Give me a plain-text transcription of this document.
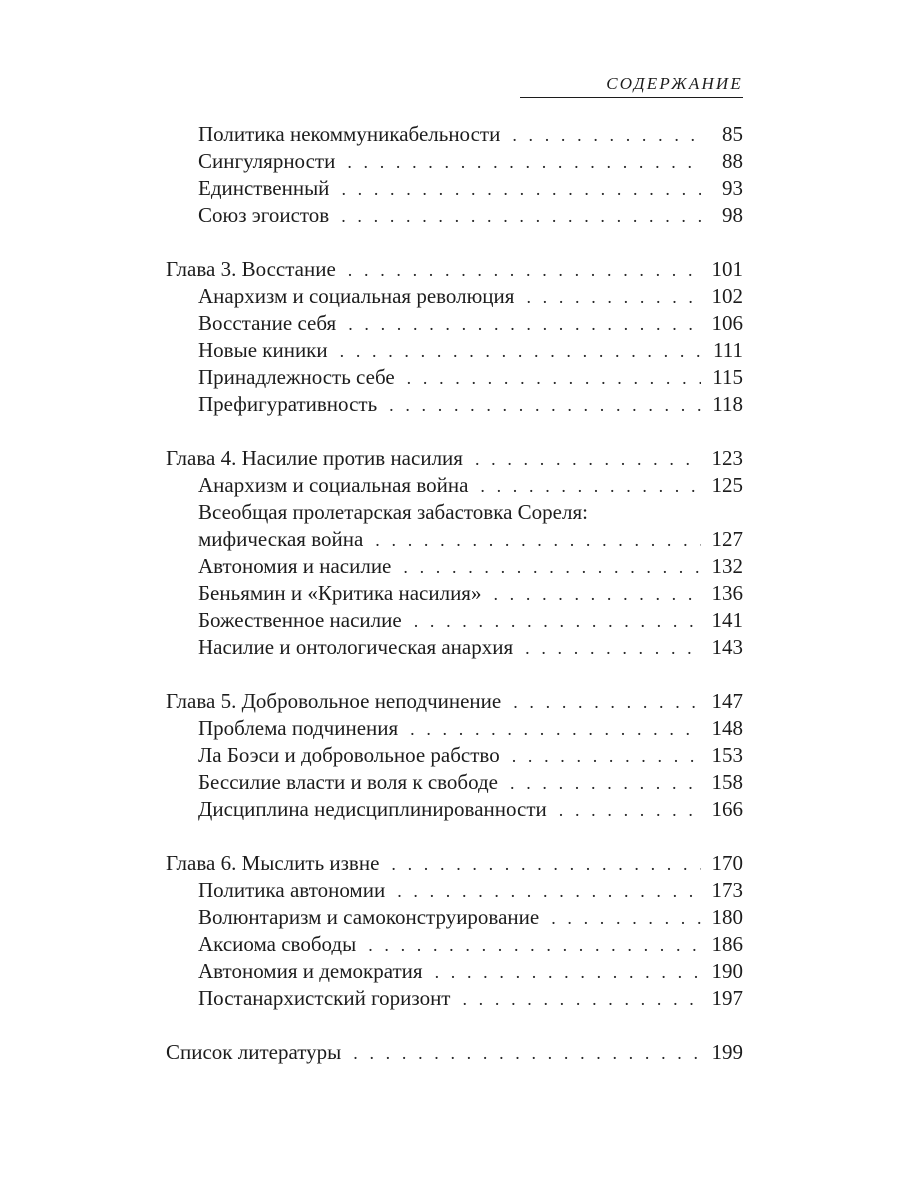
СОДЕРЖАНИЕ
Политика некоммуникабельности . . .	85
Сингулярности . . .	88
Единственный . . .	93
Союз эгоистов . . .	98
Глава 3. Восстание . . .	101
Анархизм и социальная революция . . .	102
Восстание себя . . .	106
Новые киники . . .	111
Принадлежность себе . . .	115
Префигуративность . . .	118
Глава 4. Насилие против насилия . . .	123
Анархизм и социальная война . . .	125
Всеобщая пролетарская забастовка Сореля:
мифическая война . . .	127
Автономия и насилие . . .	132
Беньямин и «Критика насилия» . . .	136
Божественное насилие . . .	141
Насилие и онтологическая анархия . . .	143
Глава 5. Добровольное неподчинение . . .	147
Проблема подчинения . . .	148
Ла Боэси и добровольное рабство . . .	153
Бессилие власти и воля к свободе . . .	158
Дисциплина недисциплинированности . . .	166
Глава 6. Мыслить извне . . .	170
Политика автономии . . .	173
Волюнтаризм и самоконструирование . . .	180
Аксиома свободы . . .	186
Автономия и демократия . . .	190
Постанархистский горизонт . . .	197
Список литературы . . .	199
